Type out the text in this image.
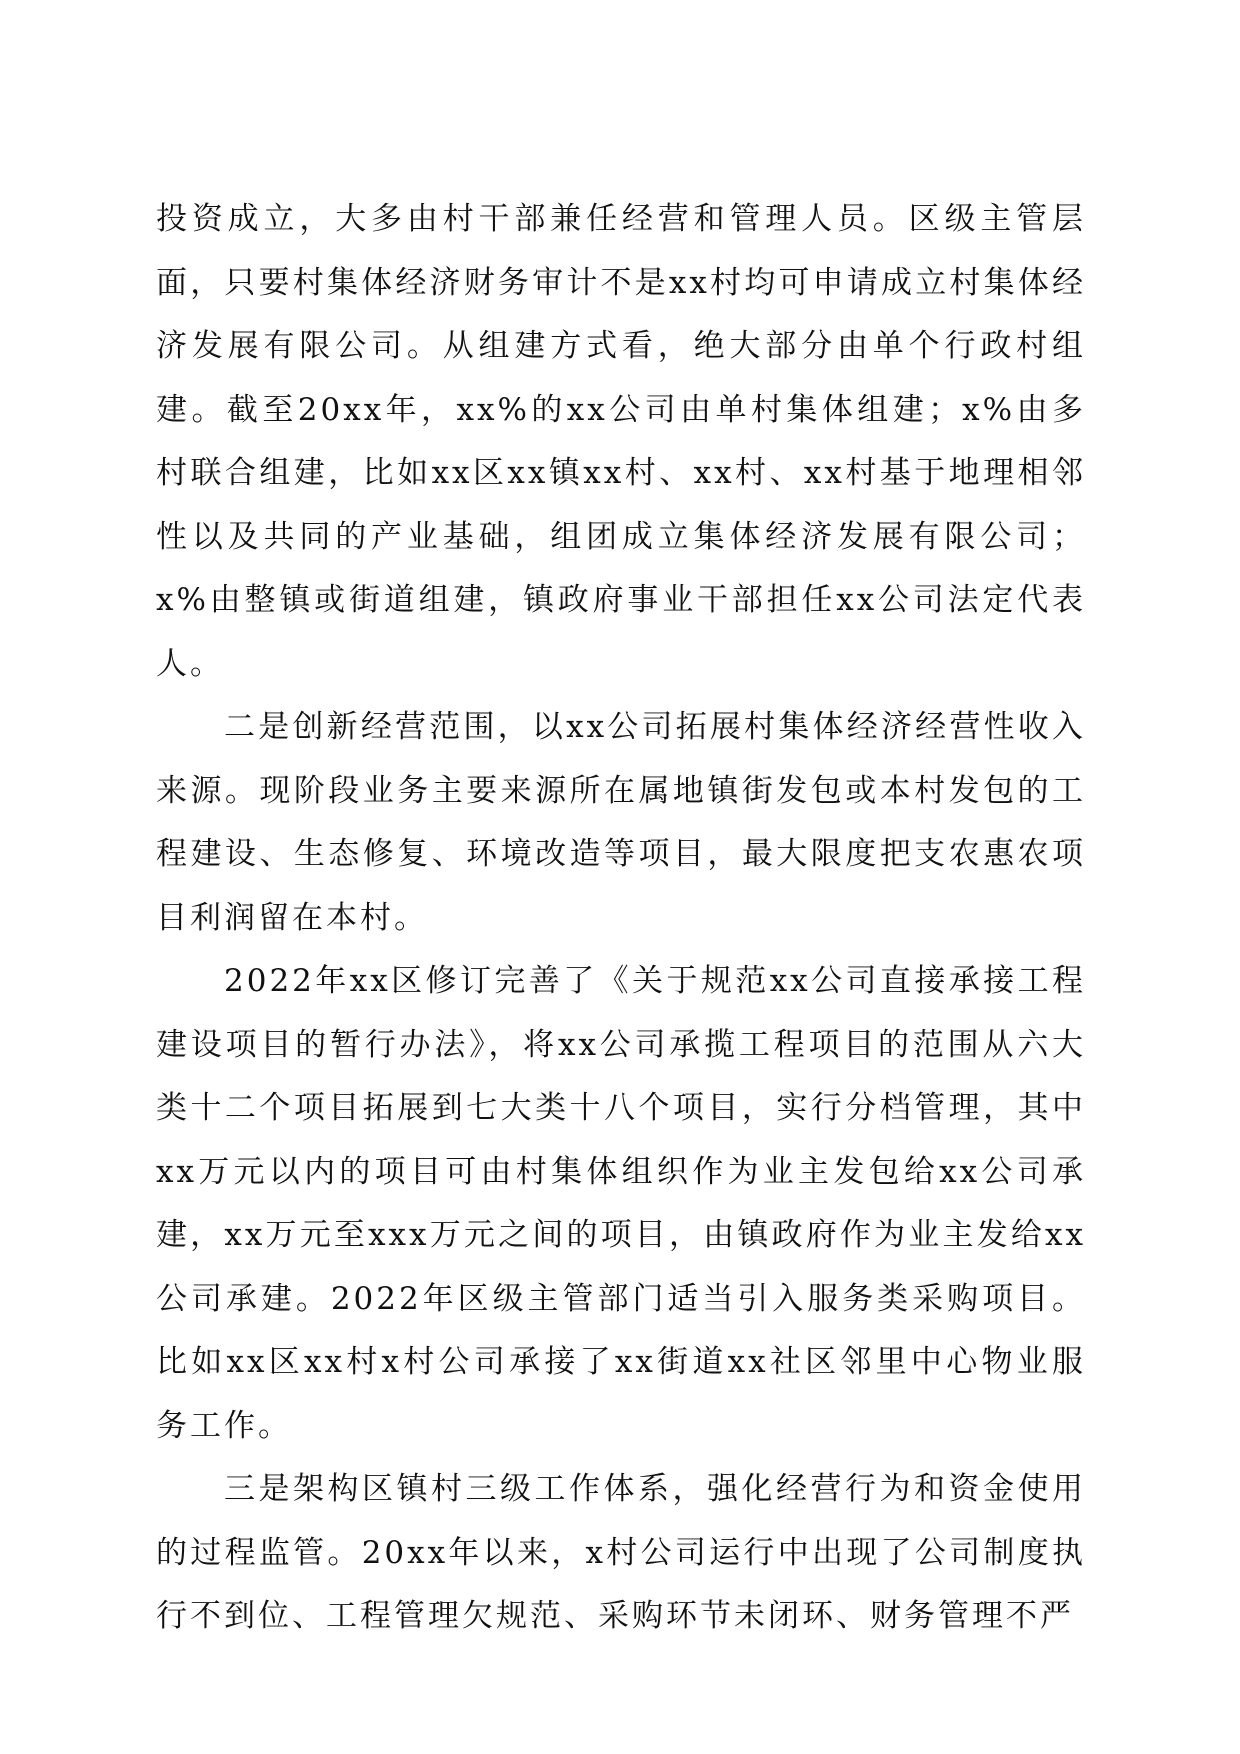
投资成立，大多由村干部兼任经营和管理人员。区级主管层面，只要村集体经济财务审计不是xx村均可申请成立村集体经济发展有限公司。从组建方式看，绝大部分由单个行政村组建。截至20xx年，xx%的xx公司由单村集体组建；x%由多村联合组建，比如xx区xx镇xx村、xx村、xx村基于地理相邻性以及共同的产业基础，组团成立集体经济发展有限公司；x%由整镇或街道组建，镇政府事业干部担任xx公司法定代表人。

二是创新经营范围，以xx公司拓展村集体经济经营性收入来源。现阶段业务主要来源所在属地镇街发包或本村发包的工程建设、生态修复、环境改造等项目，最大限度把支农惠农项目利润留在本村。

2022年xx区修订完善了《关于规范xx公司直接承接工程建设项目的暂行办法》，将xx公司承揽工程项目的范围从六大类十二个项目拓展到七大类十八个项目，实行分档管理，其中xx万元以内的项目可由村集体组织作为业主发包给xx公司承建，xx万元至xxx万元之间的项目，由镇政府作为业主发给xx公司承建。2022年区级主管部门适当引入服务类采购项目。比如xx区xx村x村公司承接了xx街道xx社区邻里中心物业服务工作。

三是架构区镇村三级工作体系，强化经营行为和资金使用的过程监管。20xx年以来，x村公司运行中出现了公司制度执行不到位、工程管理欠规范、采购环节未闭环、财务管理不严
